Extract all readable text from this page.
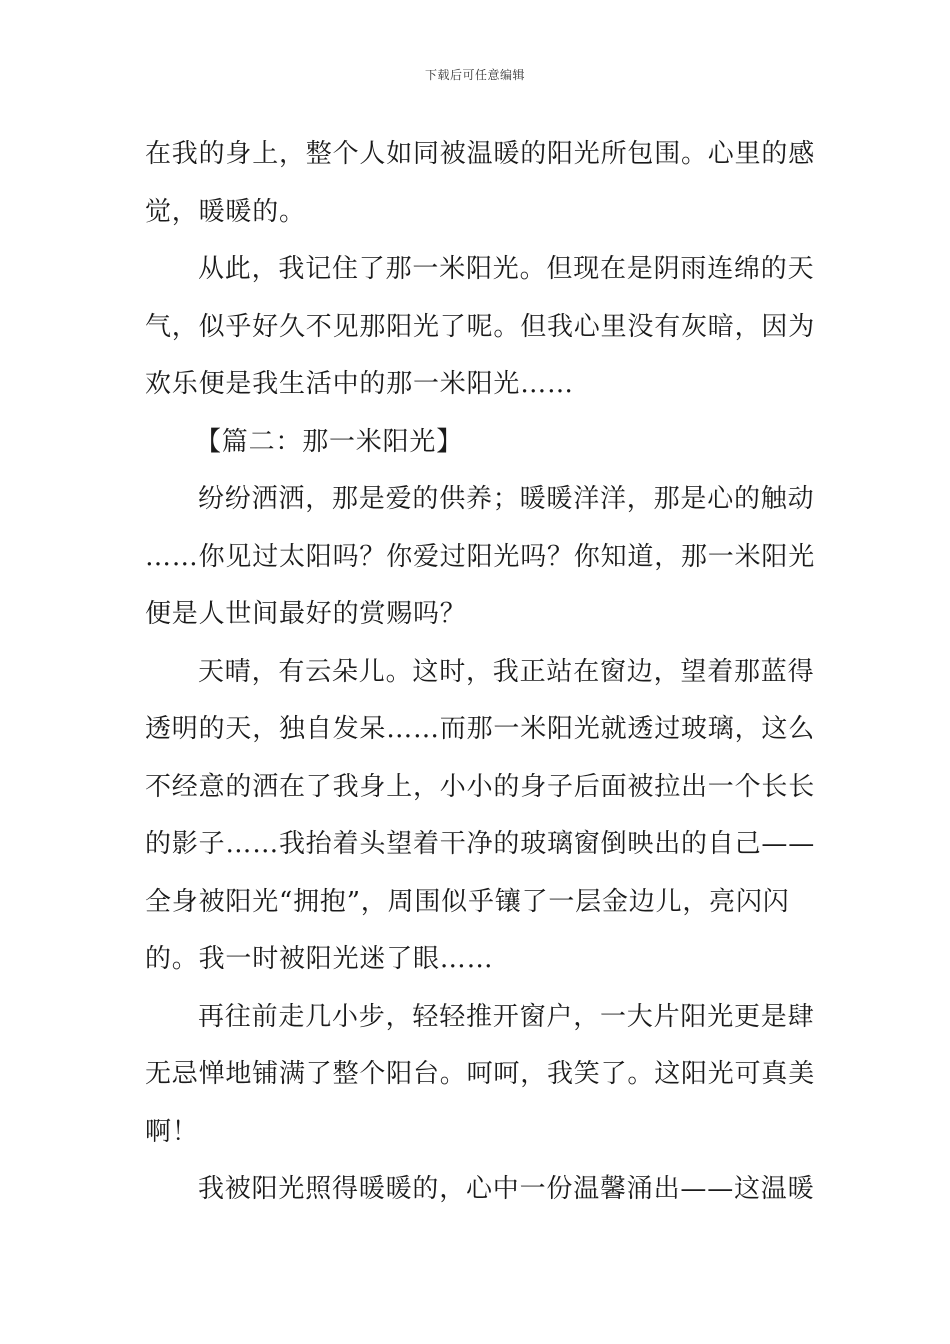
下载后可任意编辑
在我的身上，整个人如同被温暖的阳光所包围。心里的感
觉，暖暖的。
从此，我记住了那一米阳光。但现在是阴雨连绵的天
气，似乎好久不见那阳光了呢。但我心里没有灰暗，因为
欢乐便是我生活中的那一米阳光……
【篇二：那一米阳光】
纷纷洒洒，那是爱的供养；暖暖洋洋，那是心的触动
……你见过太阳吗？你爱过阳光吗？你知道，那一米阳光
便是人世间最好的赏赐吗？
天晴，有云朵儿。这时，我正站在窗边，望着那蓝得
透明的天，独自发呆……而那一米阳光就透过玻璃，这么
不经意的洒在了我身上，小小的身子后面被拉出一个长长
的影子……我抬着头望着干净的玻璃窗倒映出的自己——
全身被阳光“拥抱”，周围似乎镶了一层金边儿，亮闪闪
的。我一时被阳光迷了眼……
再往前走几小步，轻轻推开窗户，一大片阳光更是肆
无忌惮地铺满了整个阳台。呵呵，我笑了。这阳光可真美
啊！
我被阳光照得暖暖的，心中一份温馨涌出——这温暖
